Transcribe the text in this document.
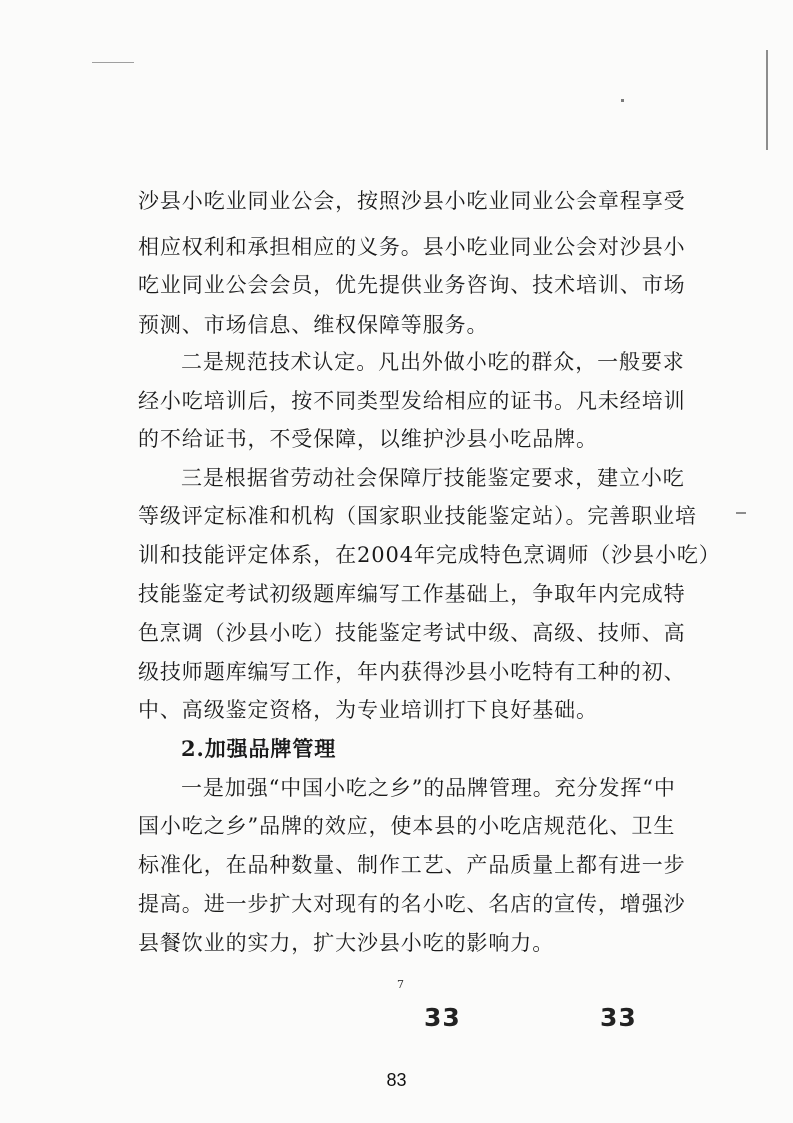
沙县小吃业同业公会，按照沙县小吃业同业公会章程享受
相应权利和承担相应的义务。县小吃业同业公会对沙县小
吃业同业公会会员，优先提供业务咨询、技术培训、市场
预测、市场信息、维权保障等服务。
二是规范技术认定。凡出外做小吃的群众，一般要求
经小吃培训后，按不同类型发给相应的证书。凡未经培训
的不给证书，不受保障，以维护沙县小吃品牌。
三是根据省劳动社会保障厅技能鉴定要求，建立小吃
等级评定标准和机构（国家职业技能鉴定站）。完善职业培
训和技能评定体系，在2004年完成特色烹调师（沙县小吃）
技能鉴定考试初级题库编写工作基础上，争取年内完成特
色烹调（沙县小吃）技能鉴定考试中级、高级、技师、高
级技师题库编写工作，年内获得沙县小吃特有工种的初、
中、高级鉴定资格，为专业培训打下良好基础。
2.加强品牌管理
一是加强“中国小吃之乡”的品牌管理。充分发挥“中
国小吃之乡”品牌的效应，使本县的小吃店规范化、卫生
标准化，在品种数量、制作工艺、产品质量上都有进一步
提高。进一步扩大对现有的名小吃、名店的宣传，增强沙
县餐饮业的实力，扩大沙县小吃的影响力。
7
33	33
83
